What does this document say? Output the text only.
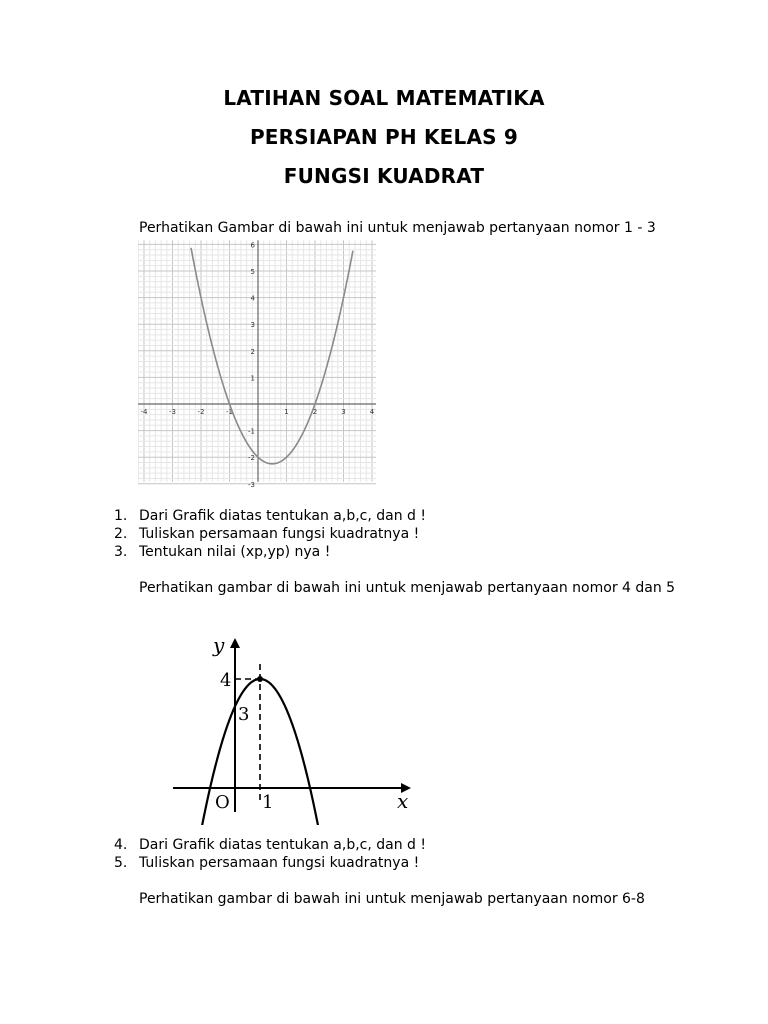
LATIHAN SOAL MATEMATIKA
PERSIAPAN PH KELAS 9
FUNGSI KUADRAT
Perhatikan Gambar di bawah ini untuk menjawab pertanyaan nomor 1 - 3
-4	-3	-2	-1	1	2	3	4
6
5
4
3
2
1
-1
-2
-3
1. Dari Grafik diatas tentukan a,b,c, dan d !
2. Tuliskan persamaan fungsi kuadratnya !
3. Tentukan nilai (xp,yp) nya !
Perhatikan gambar di bawah ini untuk menjawab pertanyaan nomor 4 dan 5
y
x
4
3
O 1
4. Dari Grafik diatas tentukan a,b,c, dan d !
5. Tuliskan persamaan fungsi kuadratnya !
Perhatikan gambar di bawah ini untuk menjawab pertanyaan nomor 6-8
